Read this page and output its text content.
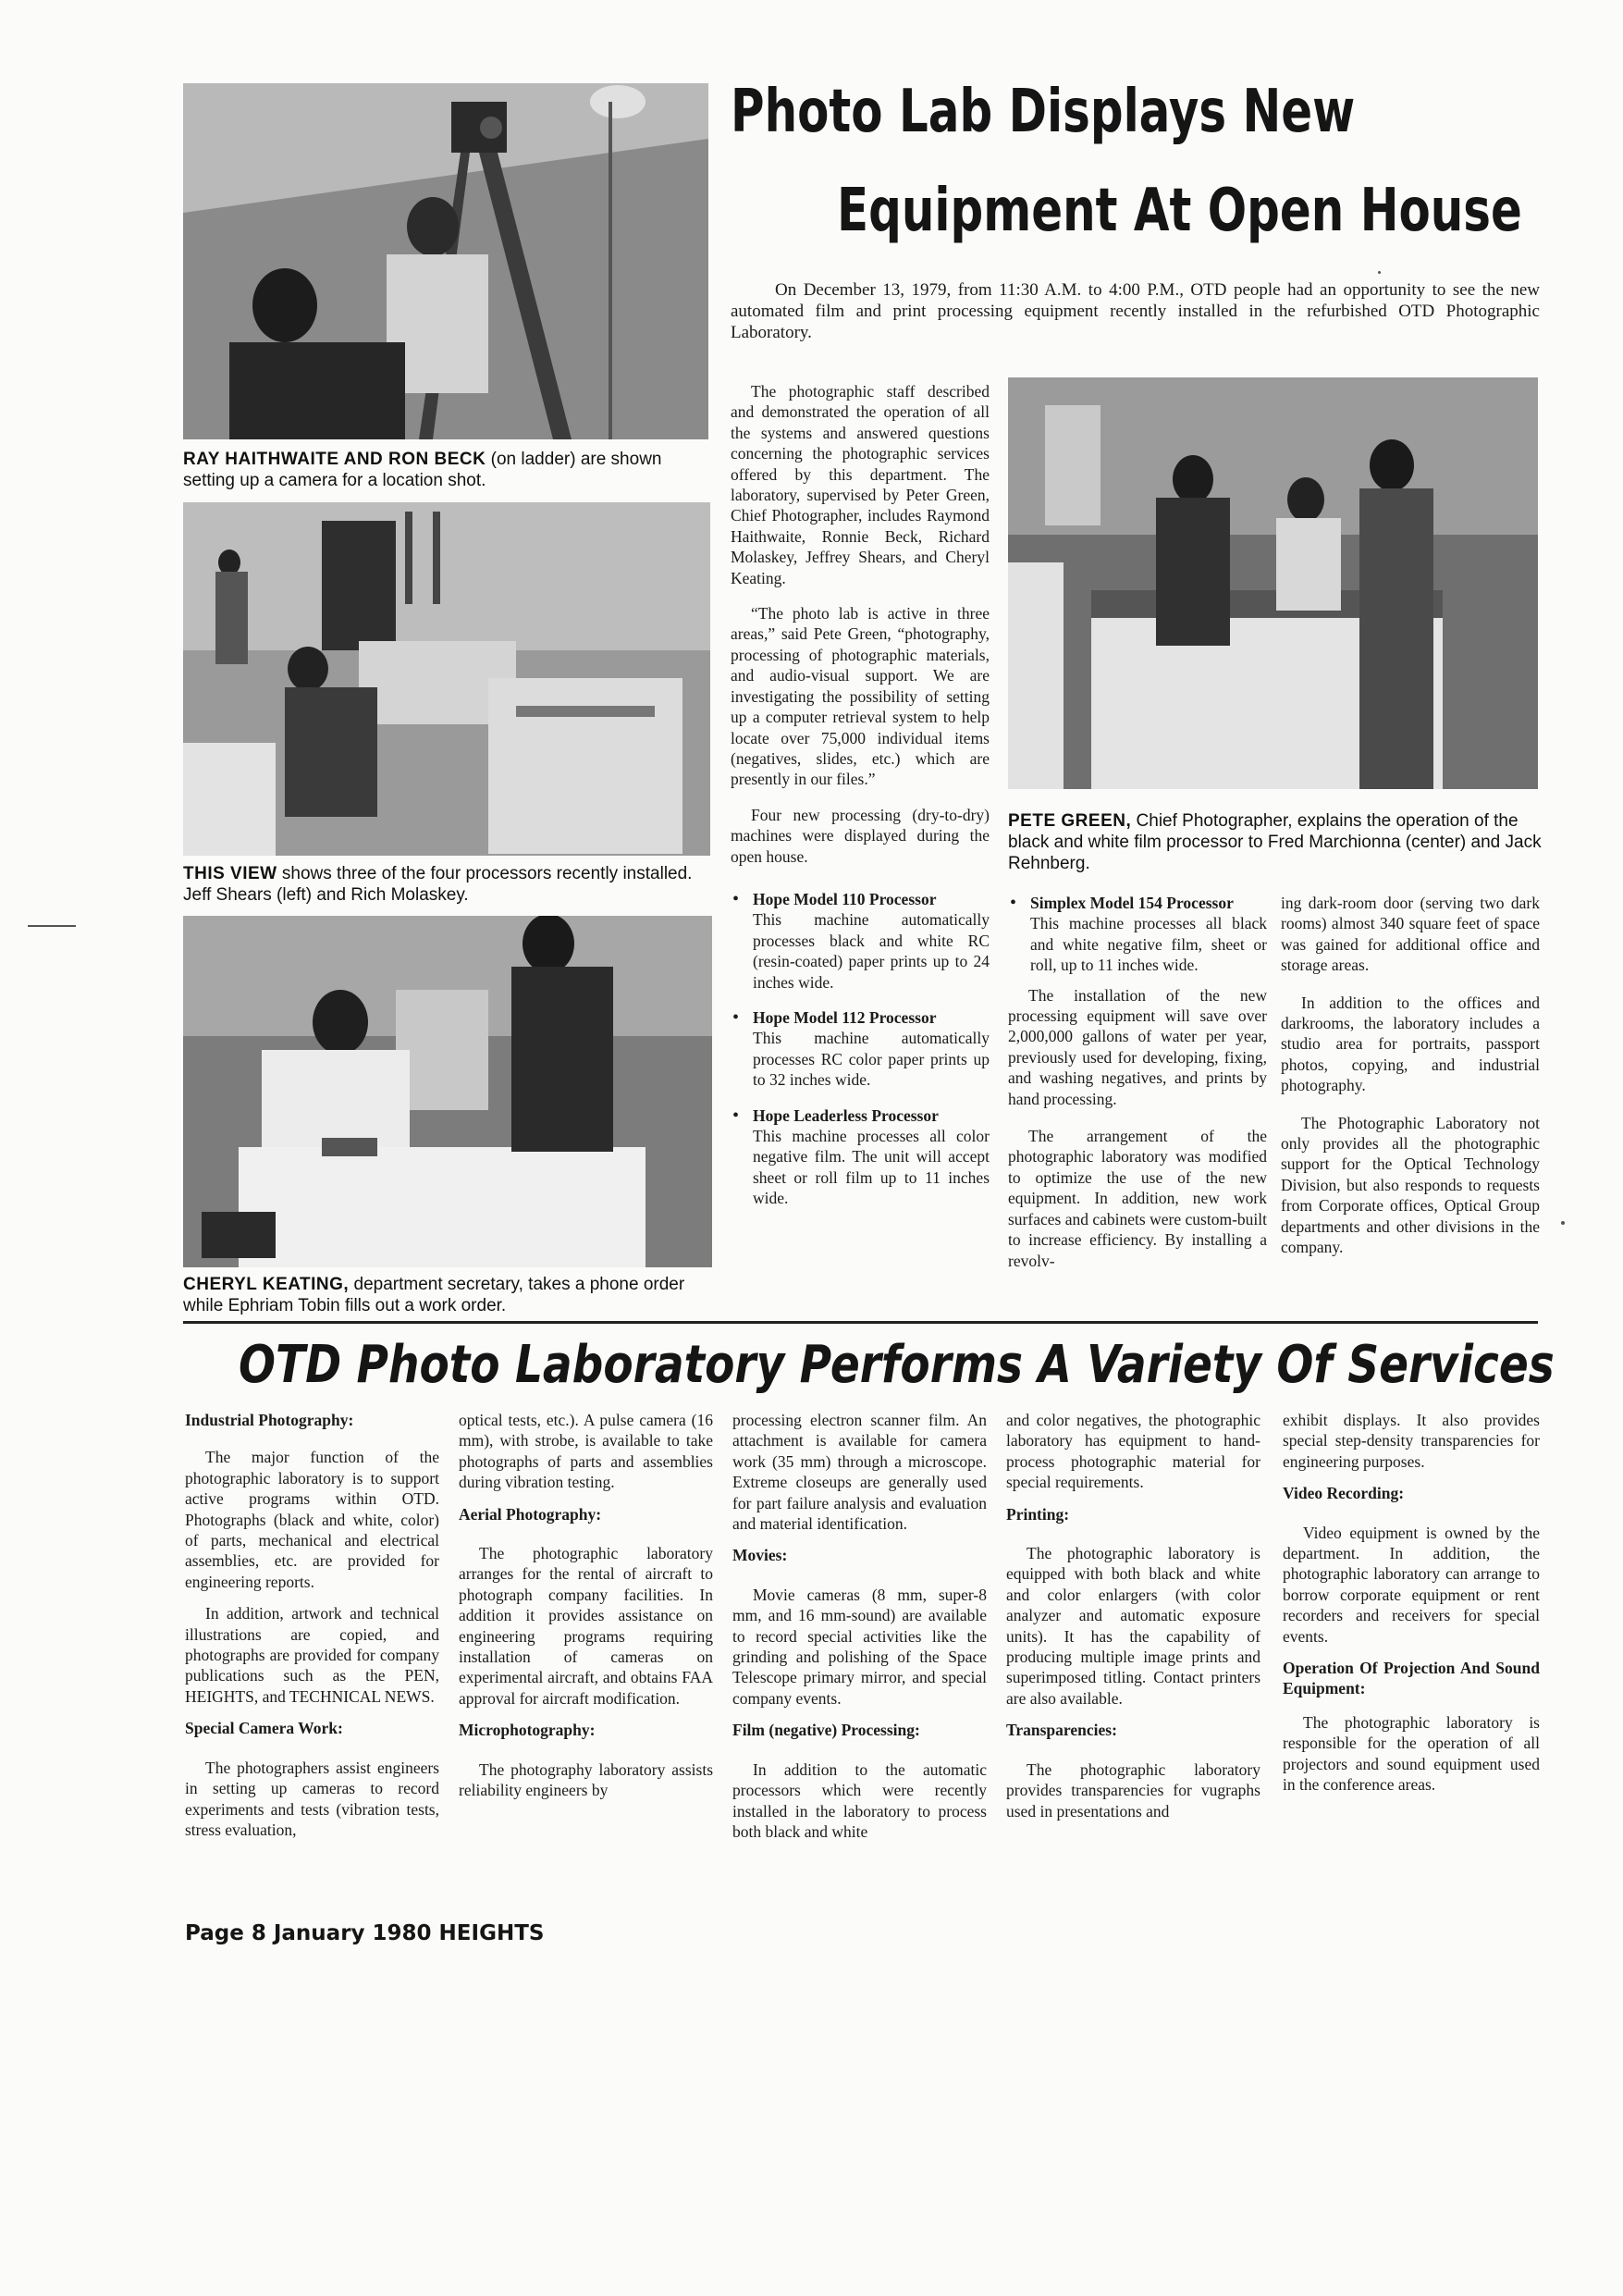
RAY HAITHWAITE AND RON BECK (on ladder) are shown setting up a camera for a location shot.
THIS VIEW shows three of the four processors recently installed. Jeff Shears (left) and Rich Molaskey.
CHERYL KEATING, department secretary, takes a phone order while Ephriam Tobin fills out a work order.
PETE GREEN, Chief Photographer, explains the operation of the black and white film processor to Fred Marchionna (center) and Jack Rehnberg.
Photo Lab Displays New
Equipment At Open House
On December 13, 1979, from 11:30 A.M. to 4:00 P.M., OTD people had an opportunity to see the new automated film and print processing equipment recently installed in the refurbished OTD Photographic Laboratory.

The photographic staff described and demonstrated the operation of all the systems and answered questions concerning the photographic services offered by this department. The laboratory, supervised by Peter Green, Chief Photographer, includes Raymond Haithwaite, Ronnie Beck, Richard Molaskey, Jeffrey Shears, and Cheryl Keating.

“The photo lab is active in three areas,” said Pete Green, “photography, processing of photographic materials, and audio-visual support. We are investigating the possibility of setting up a computer retrieval system to help locate over 75,000 individual items (negatives, slides, etc.) which are presently in our files.”

Four new processing (dry-to-dry) machines were displayed during the open house.

• Hope Model 110 Processor
This machine automatically processes black and white RC (resin-coated) paper prints up to 24 inches wide.
• Hope Model 112 Processor
This machine automatically processes RC color paper prints up to 32 inches wide.
• Hope Leaderless Processor
This machine processes all color negative film. The unit will accept sheet or roll film up to 11 inches wide.
• Simplex Model 154 Processor
This machine processes all black and white negative film, sheet or roll, up to 11 inches wide.

The installation of the new processing equipment will save over 2,000,000 gallons of water per year, previously used for developing, fixing, and washing negatives, and prints by hand processing.

The arrangement of the photographic laboratory was modified to optimize the use of the new equipment. In addition, new work surfaces and cabinets were custom-built to increase efficiency. By installing a revolv-

ing dark-room door (serving two dark rooms) almost 340 square feet of space was gained for additional office and storage areas.

In addition to the offices and darkrooms, the laboratory includes a studio area for portraits, passport photos, copying, and industrial photography.

The Photographic Laboratory not only provides all the photographic support for the Optical Technology Division, but also responds to requests from Corporate offices, Optical Group departments and other divisions in the company.

OTD Photo Laboratory Performs A Variety Of Services
Industrial Photography:

The major function of the photographic laboratory is to support active programs within OTD. Photographs (black and white, color) of parts, mechanical and electrical assemblies, etc. are provided for engineering reports.

In addition, artwork and technical illustrations are copied, and photographs are provided for company publications such as the PEN, HEIGHTS, and TECHNICAL NEWS.

Special Camera Work:

The photographers assist engineers in setting up cameras to record experiments and tests (vibration tests, stress evaluation,

optical tests, etc.). A pulse camera (16 mm), with strobe, is available to take photographs of parts and assemblies during vibration testing.

Aerial Photography:

The photographic laboratory arranges for the rental of aircraft to photograph company facilities. In addition it provides assistance on engineering programs requiring installation of cameras on experimental aircraft, and obtains FAA approval for aircraft modification.

Microphotography:

The photography laboratory assists reliability engineers by

processing electron scanner film. An attachment is available for camera work (35 mm) through a microscope. Extreme closeups are generally used for part failure analysis and evaluation and material identification.

Movies:

Movie cameras (8 mm, super-8 mm, and 16 mm-sound) are available to record special activities like the grinding and polishing of the Space Telescope primary mirror, and special company events.

Film (negative) Processing:

In addition to the automatic processors which were recently installed in the laboratory to process both black and white

and color negatives, the photographic laboratory has equipment to hand-process photographic material for special requirements.

Printing:

The photographic laboratory is equipped with both black and white and color enlargers (with color analyzer and automatic exposure units). It has the capability of producing multiple image prints and superimposed titling. Contact printers are also available.

Transparencies:

The photographic laboratory provides transparencies for vugraphs used in presentations and

exhibit displays. It also provides special step-density transparencies for engineering purposes.

Video Recording:

Video equipment is owned by the department. In addition, the photographic laboratory can arrange to borrow corporate equipment or rent recorders and receivers for special events.

Operation Of Projection And Sound Equipment:

The photographic laboratory is responsible for the operation of all projectors and sound equipment used in the conference areas.

Page 8 January 1980 HEIGHTS
